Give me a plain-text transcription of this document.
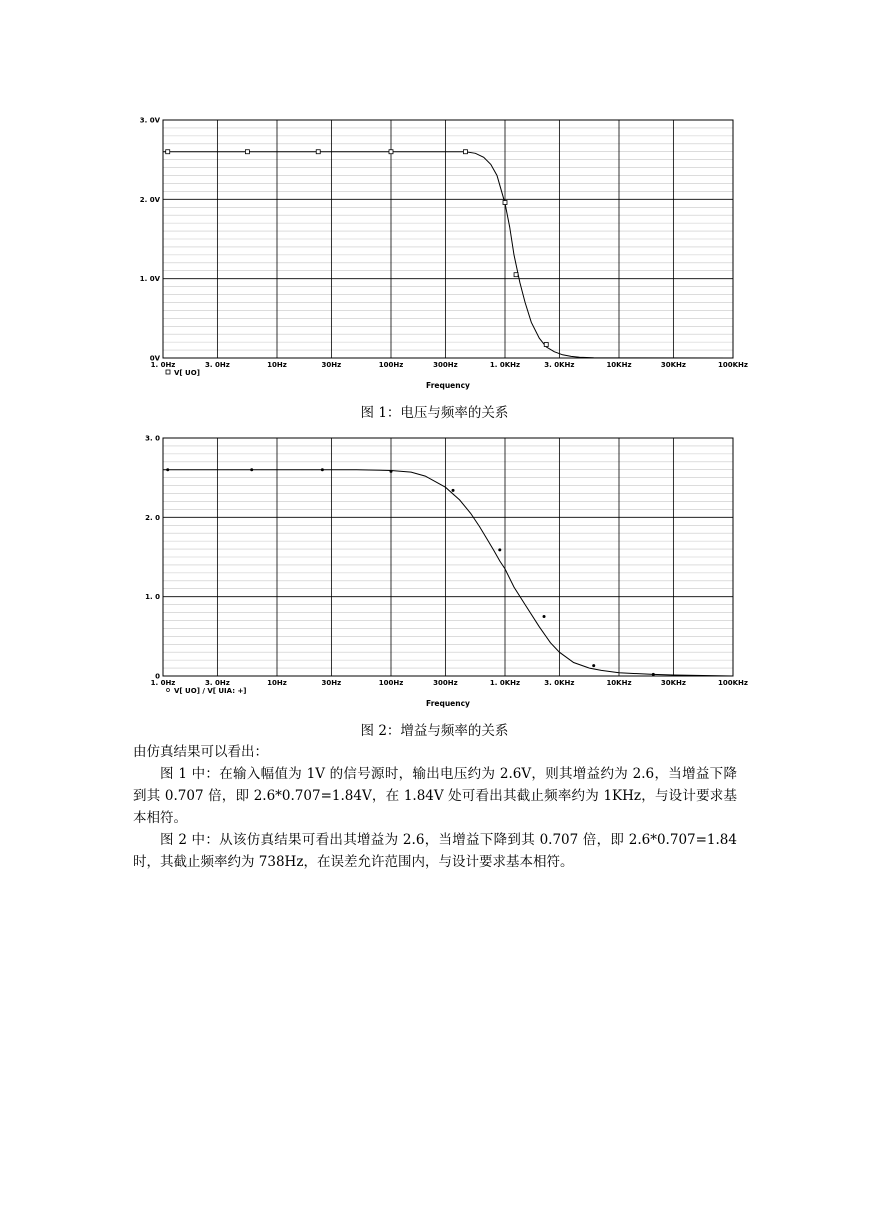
0V
1. 0V
2. 0V
3. 0V
1. 0Hz	3. 0Hz	10Hz	30Hz	100Hz	300Hz	1. 0KHz	3. 0KHz	10KHz	30KHz	100KHz
V[ UO]
Frequency
图 1：电压与频率的关系
0
1. 0
2. 0
3. 0
1. 0Hz	3. 0Hz	10Hz	30Hz	100Hz	300Hz	1. 0KHz	3. 0KHz	10KHz	30KHz	100KHz
V[ UO] / V[ UIA: +]
Frequency
图 2：增益与频率的关系
由仿真结果可以看出：
图 1 中：在输入幅值为 1V 的信号源时，输出电压约为 2.6V，则其增益约为 2.6，当增益下降到其 0.707 倍，即 2.6*0.707=1.84V，在 1.84V 处可看出其截止频率约为 1KHz，与设计要求基本相符。
图 2 中：从该仿真结果可看出其增益为 2.6，当增益下降到其 0.707 倍，即 2.6*0.707=1.84 时，其截止频率约为 738Hz，在误差允许范围内，与设计要求基本相符。
